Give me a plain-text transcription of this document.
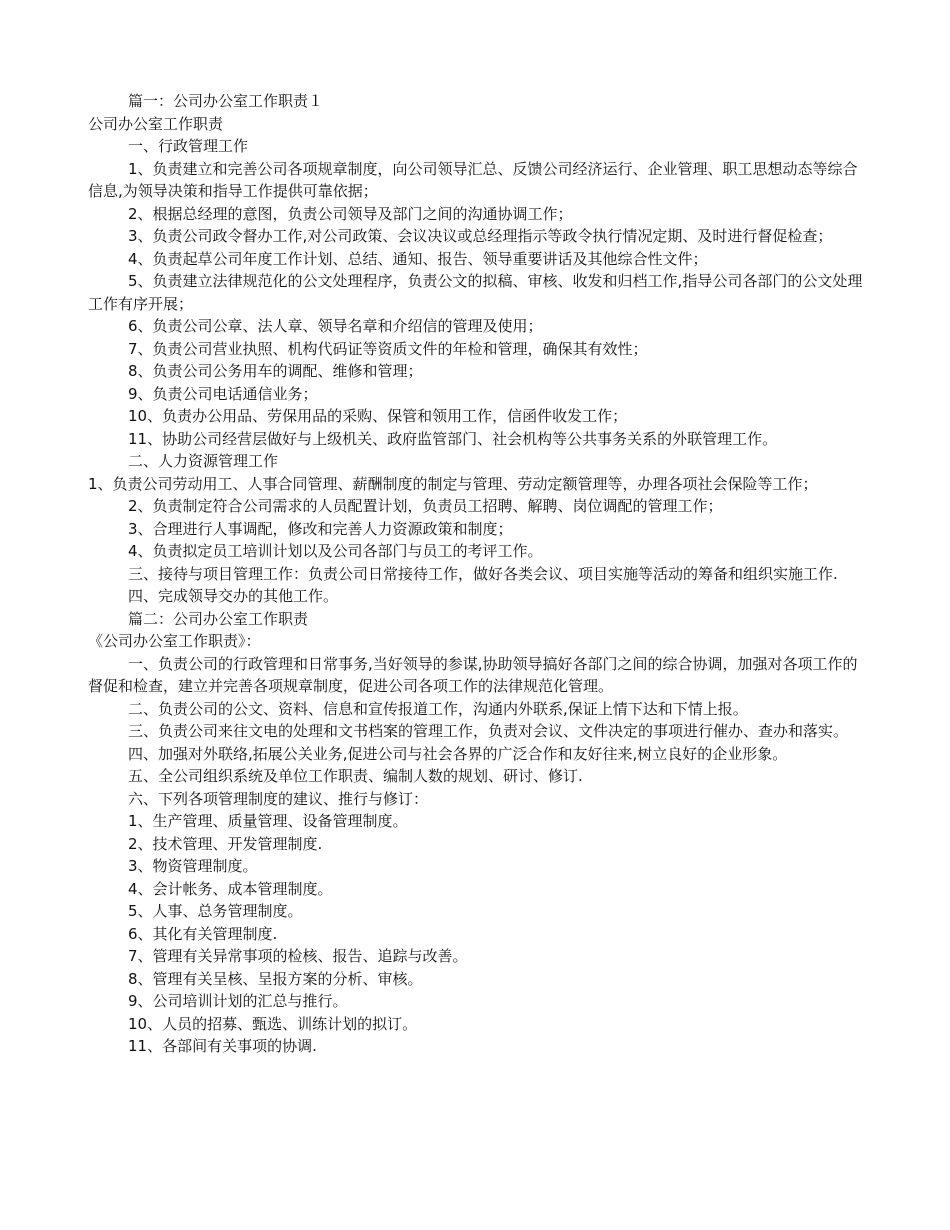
篇一：公司办公室工作职责１

公司办公室工作职责

一、行政管理工作

1、负责建立和完善公司各项规章制度，向公司领导汇总、反馈公司经济运行、企业管理、职工思想动态等综合信息,为领导决策和指导工作提供可靠依据；

2、根据总经理的意图，负责公司领导及部门之间的沟通协调工作；

3、负责公司政令督办工作,对公司政策、会议决议或总经理指示等政令执行情况定期、及时进行督促检查；

4、负责起草公司年度工作计划、总结、通知、报告、领导重要讲话及其他综合性文件；

5、负责建立法律规范化的公文处理程序，负责公文的拟稿、审核、收发和归档工作,指导公司各部门的公文处理工作有序开展；

6、负责公司公章、法人章、领导名章和介绍信的管理及使用；

7、负责公司营业执照、机构代码证等资质文件的年检和管理，确保其有效性；

8、负责公司公务用车的调配、维修和管理；

9、负责公司电话通信业务；

10、负责办公用品、劳保用品的采购、保管和领用工作，信函件收发工作；

11、协助公司经营层做好与上级机关、政府监管部门、社会机构等公共事务关系的外联管理工作。

二、人力资源管理工作

1、负责公司劳动用工、人事合同管理、薪酬制度的制定与管理、劳动定额管理等，办理各项社会保险等工作；

2、负责制定符合公司需求的人员配置计划，负责员工招聘、解聘、岗位调配的管理工作；

3、合理进行人事调配，修改和完善人力资源政策和制度；

4、负责拟定员工培训计划以及公司各部门与员工的考评工作。

三、接待与项目管理工作：负责公司日常接待工作，做好各类会议、项目实施等活动的筹备和组织实施工作.

四、完成领导交办的其他工作。

篇二：公司办公室工作职责

《公司办公室工作职责》：

一、负责公司的行政管理和日常事务,当好领导的参谋,协助领导搞好各部门之间的综合协调，加强对各项工作的督促和检查，建立并完善各项规章制度，促进公司各项工作的法律规范化管理。

二、负责公司的公文、资料、信息和宣传报道工作，沟通内外联系,保证上情下达和下情上报。

三、负责公司来往文电的处理和文书档案的管理工作，负责对会议、文件决定的事项进行催办、查办和落实。

四、加强对外联络,拓展公关业务,促进公司与社会各界的广泛合作和友好往来,树立良好的企业形象。

五、全公司组织系统及单位工作职责、编制人数的规划、研讨、修订.

六、下列各项管理制度的建议、推行与修订：

1、生产管理、质量管理、设备管理制度。

2、技术管理、开发管理制度.

3、物资管理制度。

4、会计帐务、成本管理制度。

5、人事、总务管理制度。

6、其化有关管理制度.

7、管理有关异常事项的检核、报告、追踪与改善。

8、管理有关呈核、呈报方案的分析、审核。

9、公司培训计划的汇总与推行。

10、人员的招募、甄选、训练计划的拟订。

11、各部间有关事项的协调.
